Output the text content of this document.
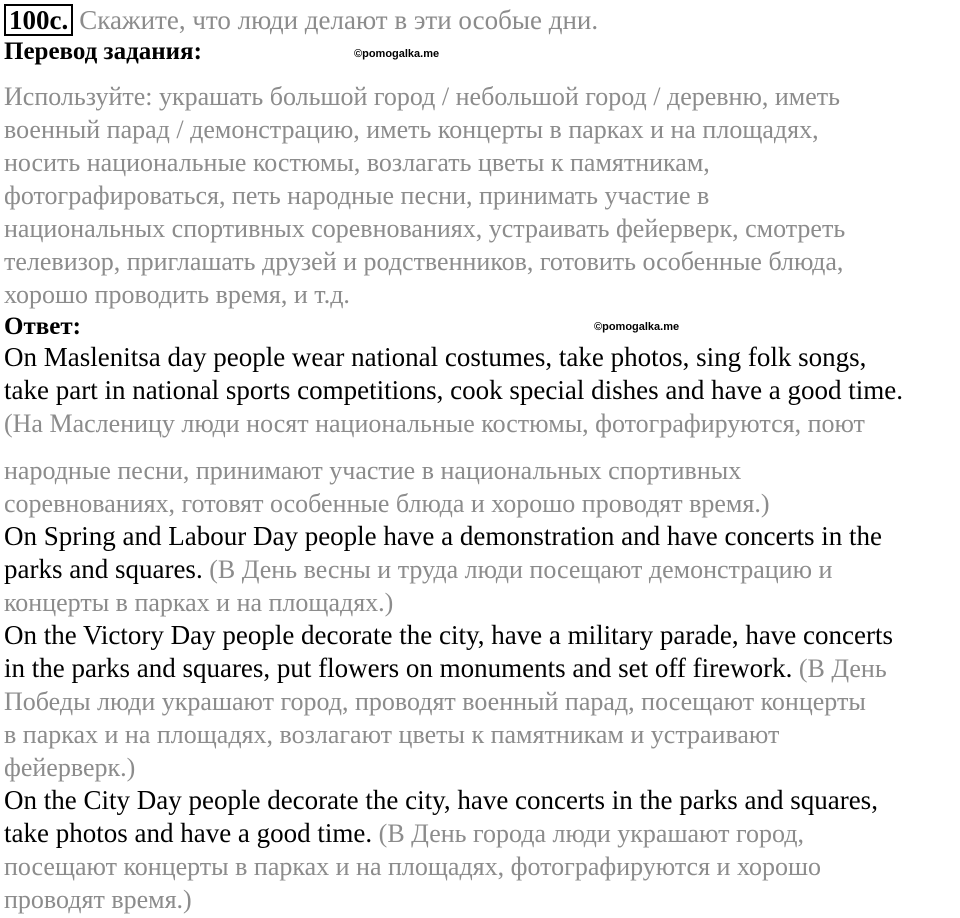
100c. Скажите, что люди делают в эти особые дни.
Перевод задания:	©pomogalka.me
Используйте: украшать большой город / небольшой город / деревню, иметь
военный парад / демонстрацию, иметь концерты в парках и на площадях,
носить национальные костюмы, возлагать цветы к памятникам,
фотографироваться, петь народные песни, принимать участие в
национальных спортивных соревнованиях, устраивать фейерверк, смотреть
телевизор, приглашать друзей и родственников, готовить особенные блюда,
хорошо проводить время, и т.д.
Ответ:	©pomogalka.me
On Maslenitsa day people wear national costumes, take photos, sing folk songs,
take part in national sports competitions, cook special dishes and have a good time.
(На Масленицу люди носят национальные костюмы, фотографируются, поют
народные песни, принимают участие в национальных спортивных
соревнованиях, готовят особенные блюда и хорошо проводят время.)
On Spring and Labour Day people have a demonstration and have concerts in the
parks and squares. (В День весны и труда люди посещают демонстрацию и
концерты в парках и на площадях.)
On the Victory Day people decorate the city, have a military parade, have concerts
in the parks and squares, put flowers on monuments and set off firework. (В День
Победы люди украшают город, проводят военный парад, посещают концерты
в парках и на площадях, возлагают цветы к памятникам и устраивают
фейерверк.)
On the City Day people decorate the city, have concerts in the parks and squares,
take photos and have a good time. (В День города люди украшают город,
посещают концерты в парках и на площадях, фотографируются и хорошо
проводят время.)
